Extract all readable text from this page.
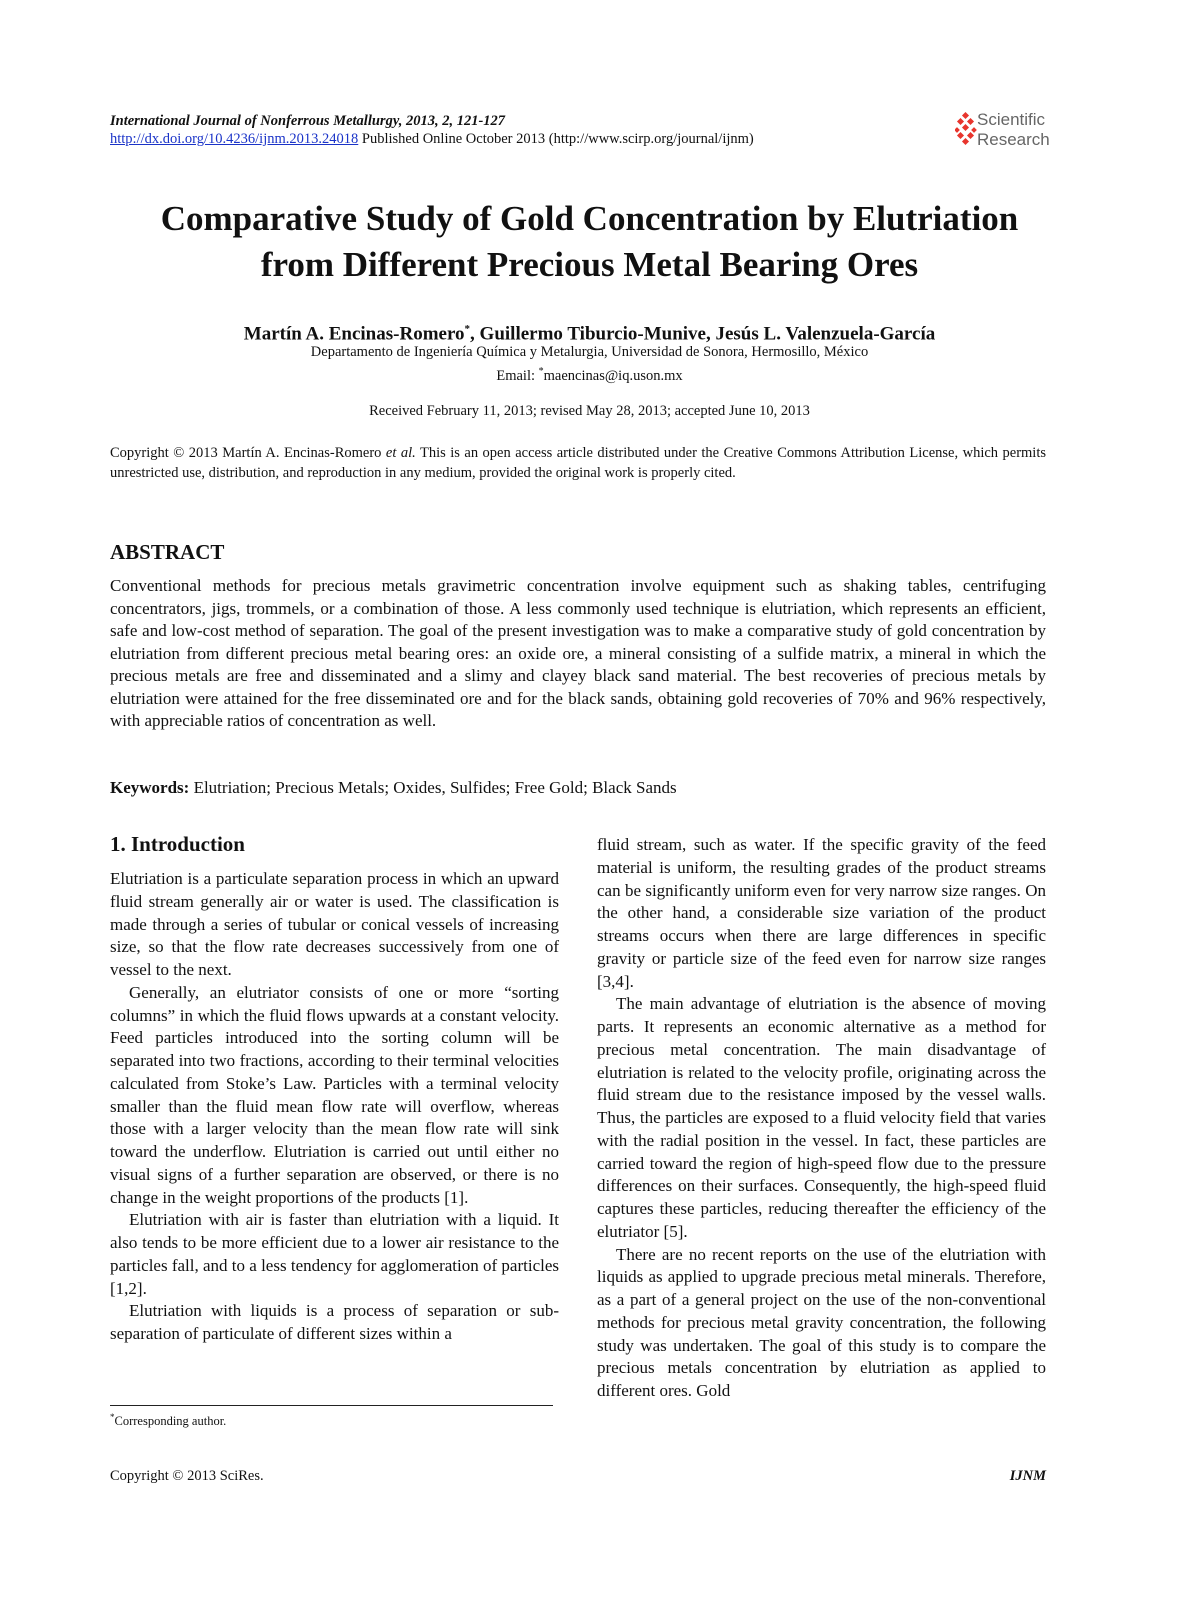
International Journal of Nonferrous Metallurgy, 2013, 2, 121-127
http://dx.doi.org/10.4236/ijnm.2013.24018 Published Online October 2013 (http://www.scirp.org/journal/ijnm)
Scientific
Research
Comparative Study of Gold Concentration by Elutriation
from Different Precious Metal Bearing Ores
Martín A. Encinas-Romero*, Guillermo Tiburcio-Munive, Jesús L. Valenzuela-García
Departamento de Ingeniería Química y Metalurgia, Universidad de Sonora, Hermosillo, México
Email: *maencinas@iq.uson.mx
Received February 11, 2013; revised May 28, 2013; accepted June 10, 2013
Copyright © 2013 Martín A. Encinas-Romero et al. This is an open access article distributed under the Creative Commons Attribution License, which permits unrestricted use, distribution, and reproduction in any medium, provided the original work is properly cited.
ABSTRACT
Conventional methods for precious metals gravimetric concentration involve equipment such as shaking tables, centrifuging concentrators, jigs, trommels, or a combination of those. A less commonly used technique is elutriation, which represents an efficient, safe and low-cost method of separation. The goal of the present investigation was to make a comparative study of gold concentration by elutriation from different precious metal bearing ores: an oxide ore, a mineral consisting of a sulfide matrix, a mineral in which the precious metals are free and disseminated and a slimy and clayey black sand material. The best recoveries of precious metals by elutriation were attained for the free disseminated ore and for the black sands, obtaining gold recoveries of 70% and 96% respectively, with appreciable ratios of concentration as well.
Keywords: Elutriation; Precious Metals; Oxides, Sulfides; Free Gold; Black Sands
1. Introduction

Elutriation is a particulate separation process in which an upward fluid stream generally air or water is used. The classification is made through a series of tubular or conical vessels of increasing size, so that the flow rate decreases successively from one of vessel to the next.

Generally, an elutriator consists of one or more “sorting columns” in which the fluid flows upwards at a constant velocity. Feed particles introduced into the sorting column will be separated into two fractions, according to their terminal velocities calculated from Stoke’s Law. Particles with a terminal velocity smaller than the fluid mean flow rate will overflow, whereas those with a larger velocity than the mean flow rate will sink toward the underflow. Elutriation is carried out until either no visual signs of a further separation are observed, or there is no change in the weight proportions of the products [1].

Elutriation with air is faster than elutriation with a liquid. It also tends to be more efficient due to a lower air resistance to the particles fall, and to a less tendency for agglomeration of particles [1,2].

Elutriation with liquids is a process of separation or sub-separation of particulate of different sizes within a

fluid stream, such as water. If the specific gravity of the feed material is uniform, the resulting grades of the product streams can be significantly uniform even for very narrow size ranges. On the other hand, a considerable size variation of the product streams occurs when there are large differences in specific gravity or particle size of the feed even for narrow size ranges [3,4].

The main advantage of elutriation is the absence of moving parts. It represents an economic alternative as a method for precious metal concentration. The main disadvantage of elutriation is related to the velocity profile, originating across the fluid stream due to the resistance imposed by the vessel walls. Thus, the particles are exposed to a fluid velocity field that varies with the radial position in the vessel. In fact, these particles are carried toward the region of high-speed flow due to the pressure differences on their surfaces. Consequently, the high-speed fluid captures these particles, reducing thereafter the efficiency of the elutriator [5].

There are no recent reports on the use of the elutriation with liquids as applied to upgrade precious metal minerals. Therefore, as a part of a general project on the use of the non-conventional methods for precious metal gravity concentration, the following study was undertaken. The goal of this study is to compare the precious metals concentration by elutriation as applied to different ores. Gold

*Corresponding author.
Copyright © 2013 SciRes.	IJNM
